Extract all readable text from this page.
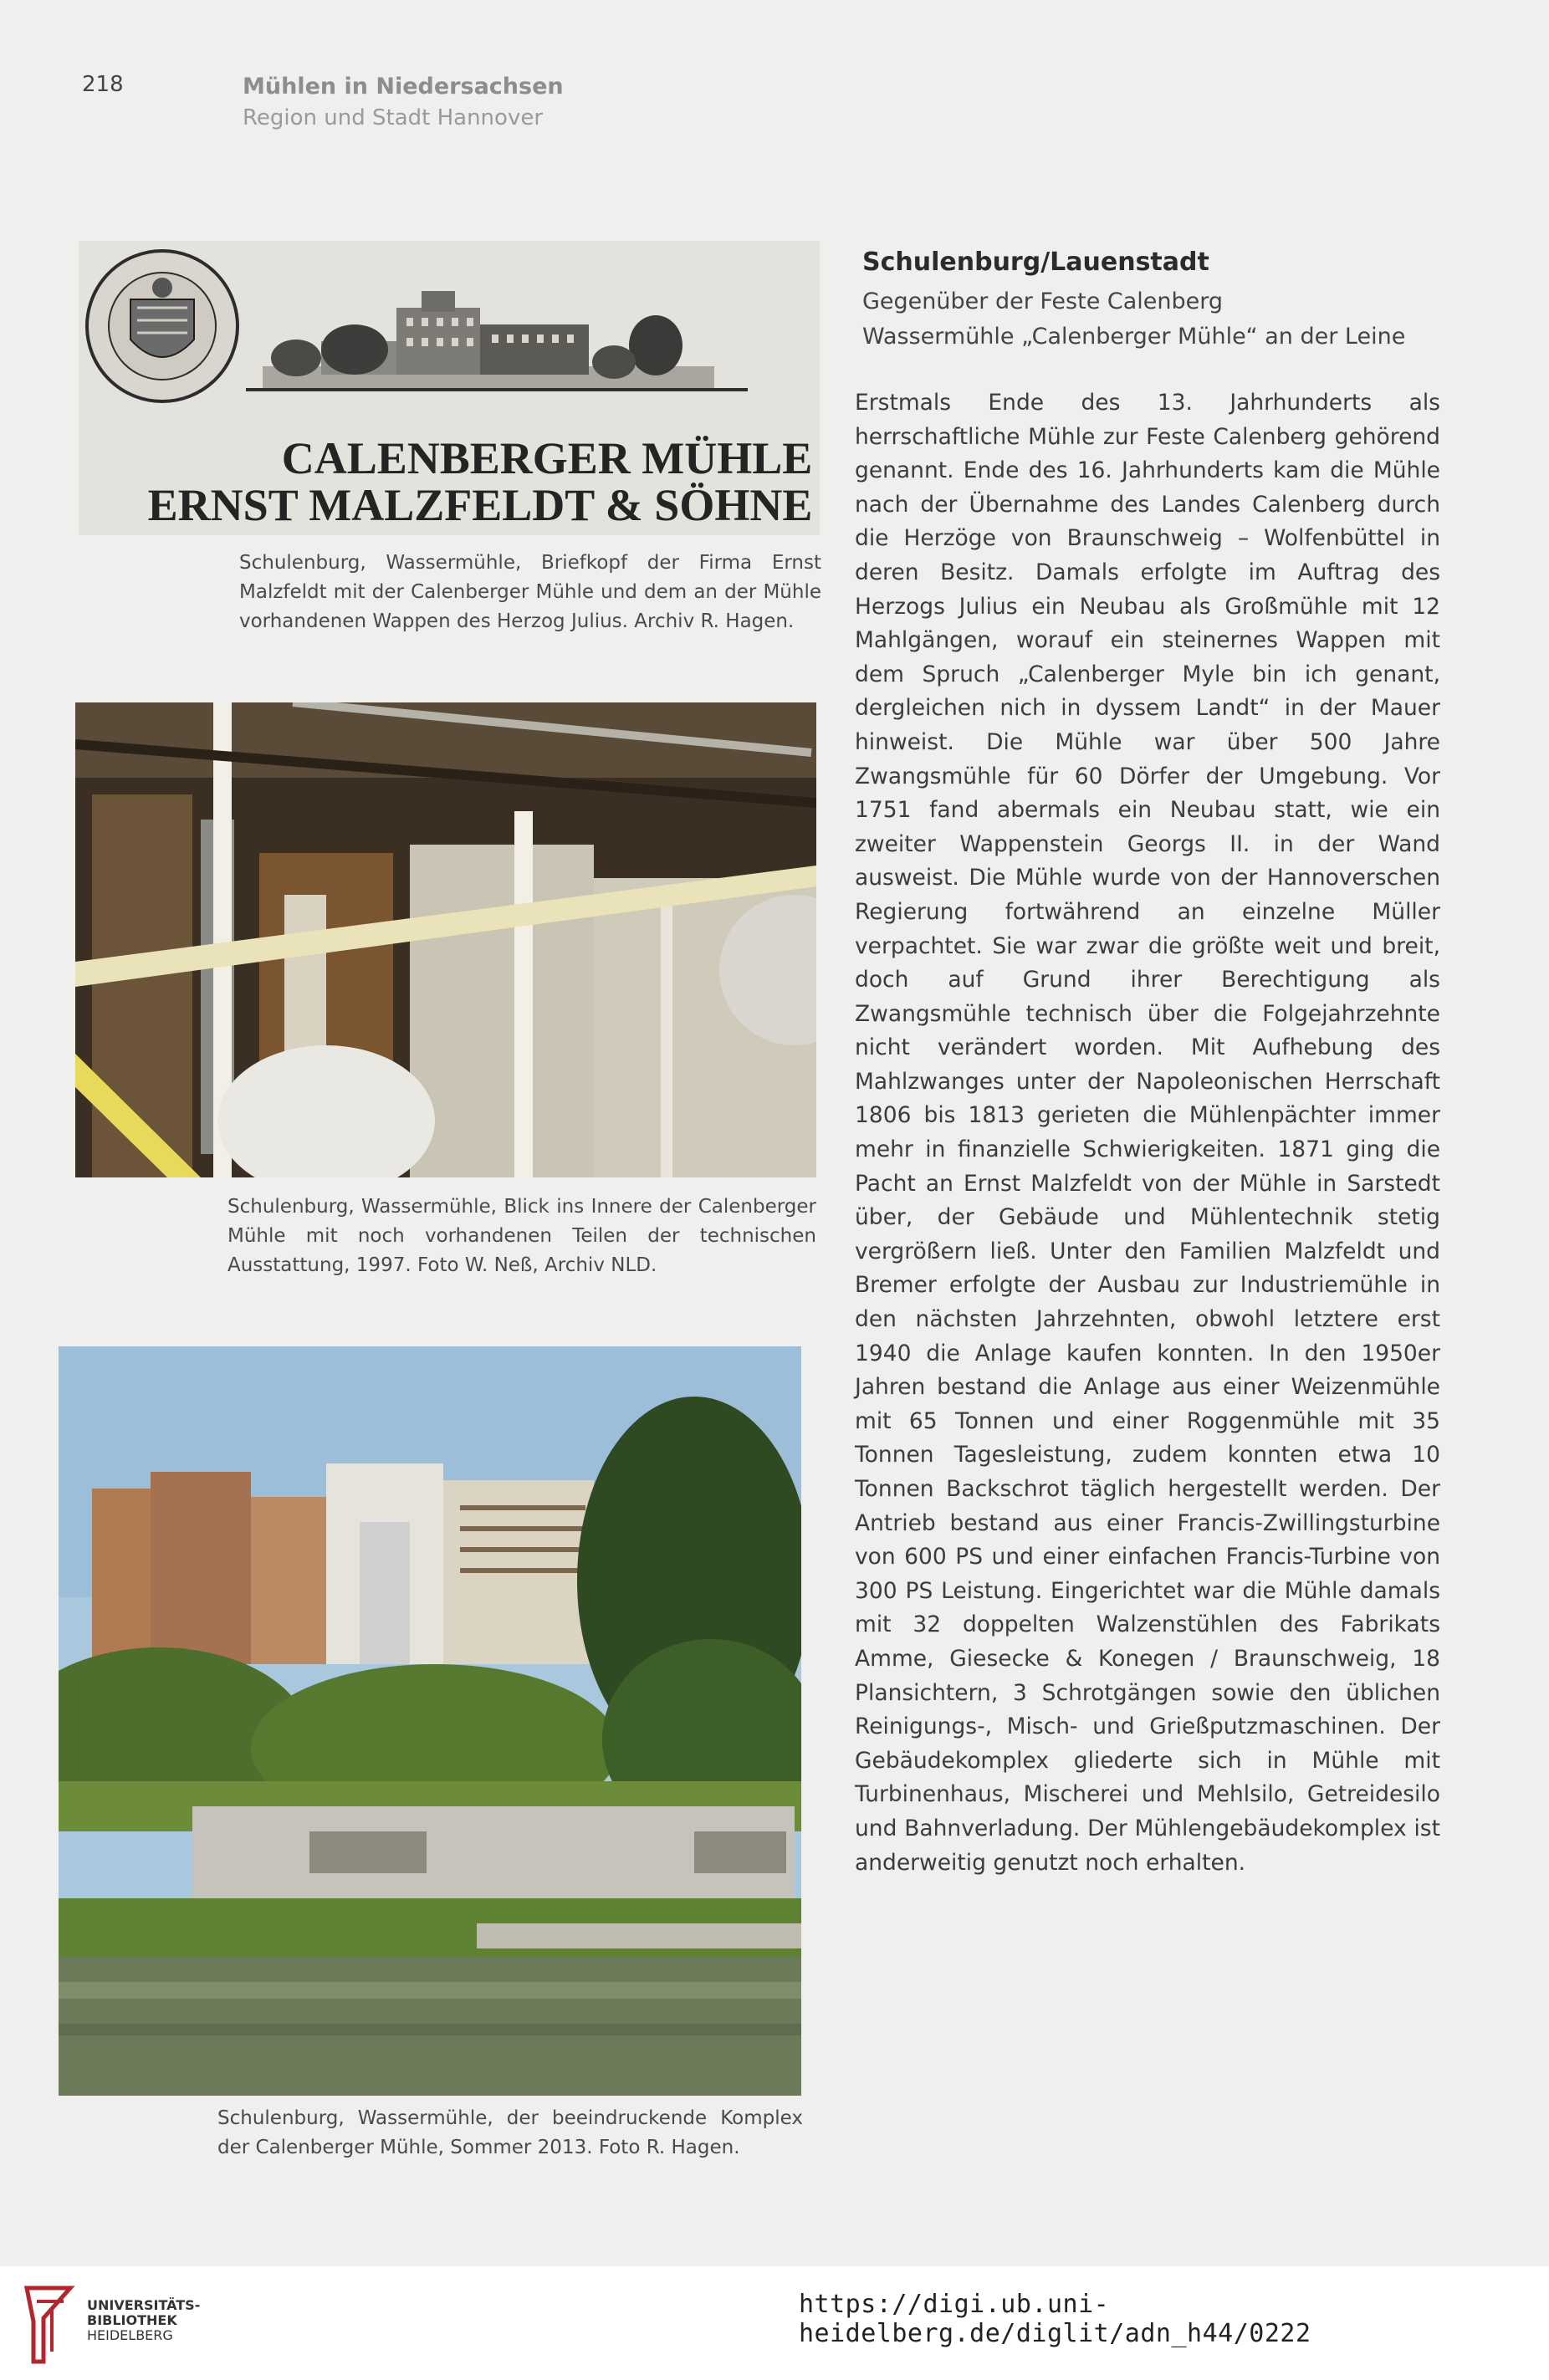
218	Mühlen in Niedersachsen
Region und Stadt Hannover
CALENBERGER MÜHLE
ERNST MALZFELDT & SÖHNE
Schulenburg, Wassermühle, Briefkopf der Firma Ernst Malzfeldt mit der Calenberger Mühle und dem an der Mühle vorhandenen Wappen des Herzog Julius. Archiv R. Hagen.
Schulenburg, Wassermühle, Blick ins Innere der Calenberger Mühle mit noch vorhandenen Teilen der technischen Ausstattung, 1997. Foto W. Neß, Archiv NLD.
Schulenburg, Wassermühle, der beeindruckende Komplex der Calenberger Mühle, Sommer 2013. Foto R. Hagen.
Schulenburg/Lauenstadt
Gegenüber der Feste Calenberg
Wassermühle „Calenberger Mühle“ an der Leine
Erstmals Ende des 13. Jahrhunderts als herrschaftliche Mühle zur Feste Calenberg gehörend genannt. Ende des 16. Jahrhunderts kam die Mühle nach der Übernahme des Landes Calenberg durch die Herzöge von Braunschweig – Wolfenbüttel in deren Besitz. Damals erfolgte im Auftrag des Herzogs Julius ein Neubau als Großmühle mit 12 Mahlgängen, worauf ein steinernes Wappen mit dem Spruch „Calenberger Myle bin ich genant, dergleichen nich in dyssem Landt“ in der Mauer hinweist. Die Mühle war über 500 Jahre Zwangsmühle für 60 Dörfer der Umgebung. Vor 1751 fand abermals ein Neubau statt, wie ein zweiter Wappenstein Georgs II. in der Wand ausweist. Die Mühle wurde von der Hannoverschen Regierung fortwährend an einzelne Müller verpachtet. Sie war zwar die größte weit und breit, doch auf Grund ihrer Berechtigung als Zwangsmühle technisch über die Folgejahrzehnte nicht verändert worden. Mit Aufhebung des Mahlzwanges unter der Napoleonischen Herrschaft 1806 bis 1813 gerieten die Mühlenpächter immer mehr in finanzielle Schwierigkeiten. 1871 ging die Pacht an Ernst Malzfeldt von der Mühle in Sarstedt über, der Gebäude und Mühlentechnik stetig vergrößern ließ. Unter den Familien Malzfeldt und Bremer erfolgte der Ausbau zur Industriemühle in den nächsten Jahrzehnten, obwohl letztere erst 1940 die Anlage kaufen konnten. In den 1950er Jahren bestand die Anlage aus einer Weizenmühle mit 65 Tonnen und einer Roggenmühle mit 35 Tonnen Tagesleistung, zudem konnten etwa 10 Tonnen Backschrot täglich hergestellt werden. Der Antrieb bestand aus einer Francis-Zwillingsturbine von 600 PS und einer einfachen Francis-Turbine von 300 PS Leistung. Eingerichtet war die Mühle damals mit 32 doppelten Walzenstühlen des Fabrikats Amme, Giesecke & Konegen / Braunschweig, 18 Plansichtern, 3 Schrotgängen sowie den üblichen Reinigungs-, Misch- und Grießputzmaschinen. Der Gebäudekomplex gliederte sich in Mühle mit Turbinenhaus, Mischerei und Mehlsilo, Getreidesilo und Bahnverladung. Der Mühlengebäudekomplex ist anderweitig genutzt noch erhalten.
UNIVERSITÄTS-
BIBLIOTHEK
HEIDELBERG
https://digi.ub.uni-heidelberg.de/diglit/adn_h44/0222
